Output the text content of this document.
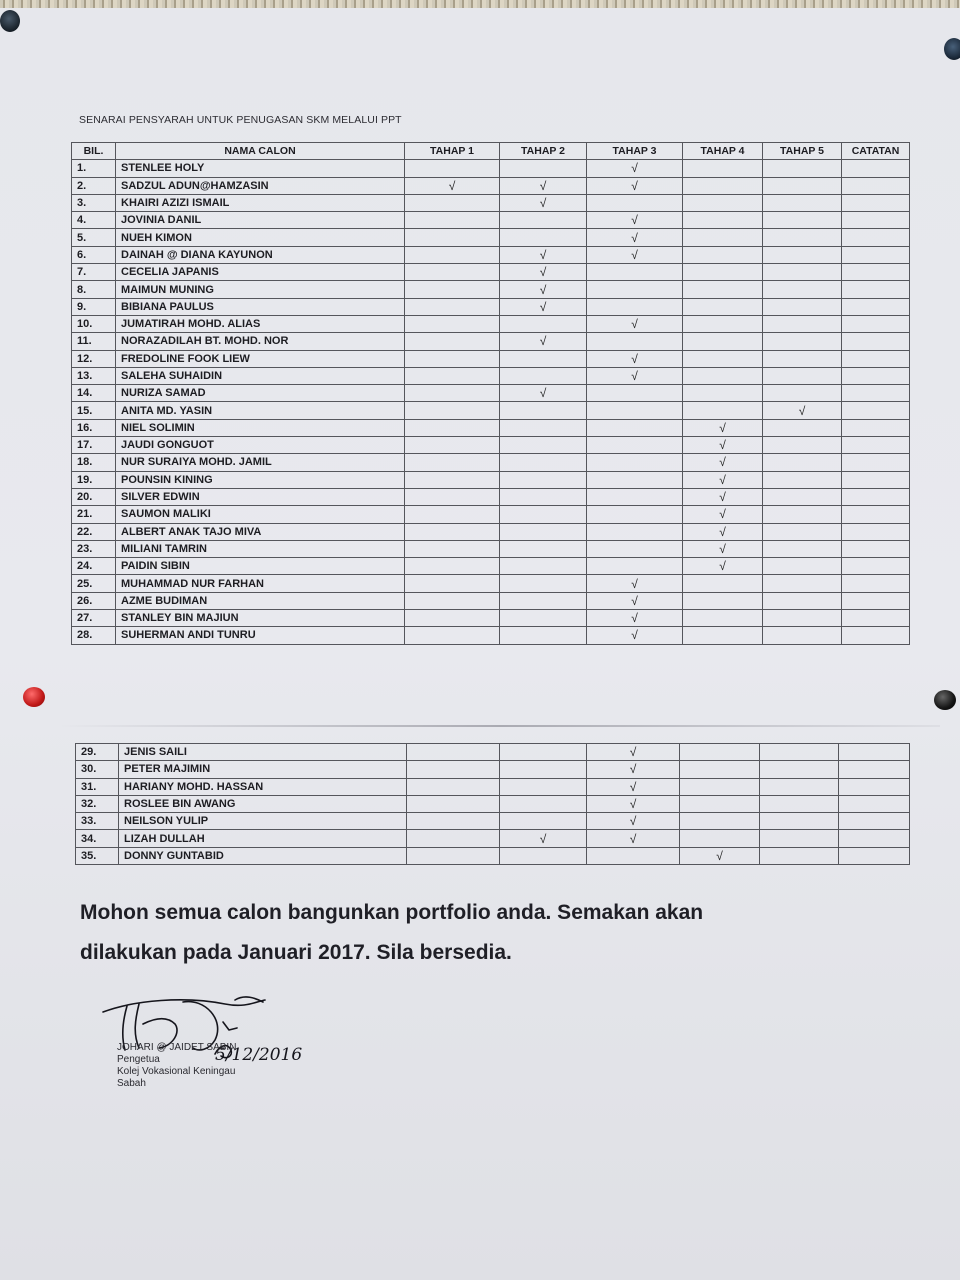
SENARAI PENSYARAH UNTUK PENUGASAN SKM MELALUI PPT
BIL.	NAMA CALON	TAHAP 1	TAHAP 2	TAHAP 3	TAHAP 4	TAHAP 5	CATATAN
1.	STENLEE HOLY			√			
2.	SADZUL ADUN@HAMZASIN	√	√	√			
3.	KHAIRI AZIZI ISMAIL		√				
4.	JOVINIA DANIL			√			
5.	NUEH KIMON			√			
6.	DAINAH @ DIANA KAYUNON		√	√			
7.	CECELIA JAPANIS		√				
8.	MAIMUN MUNING		√				
9.	BIBIANA PAULUS		√				
10.	JUMATIRAH MOHD. ALIAS			√			
11.	NORAZADILAH BT. MOHD. NOR		√				
12.	FREDOLINE FOOK LIEW			√			
13.	SALEHA SUHAIDIN			√			
14.	NURIZA SAMAD		√				
15.	ANITA MD. YASIN					√	
16.	NIEL SOLIMIN				√		
17.	JAUDI GONGUOT				√		
18.	NUR SURAIYA MOHD. JAMIL				√		
19.	POUNSIN KINING				√		
20.	SILVER EDWIN				√		
21.	SAUMON MALIKI				√		
22.	ALBERT ANAK TAJO MIVA				√		
23.	MILIANI TAMRIN				√		
24.	PAIDIN SIBIN				√		
25.	MUHAMMAD NUR FARHAN			√			
26.	AZME BUDIMAN			√			
27.	STANLEY BIN MAJIUN			√			
28.	SUHERMAN ANDI TUNRU			√			
29.	JENIS SAILI			√			
30.	PETER MAJIMIN			√			
31.	HARIANY MOHD. HASSAN			√			
32.	ROSLEE BIN AWANG			√			
33.	NEILSON YULIP			√			
34.	LIZAH DULLAH		√	√			
35.	DONNY GUNTABID				√		
Mohon semua calon bangunkan portfolio anda. Semakan akan
dilakukan pada Januari 2017. Sila bersedia.
5/12/2016
JOHARI @ JAIDET SABIN
Pengetua
Kolej Vokasional Keningau
Sabah
